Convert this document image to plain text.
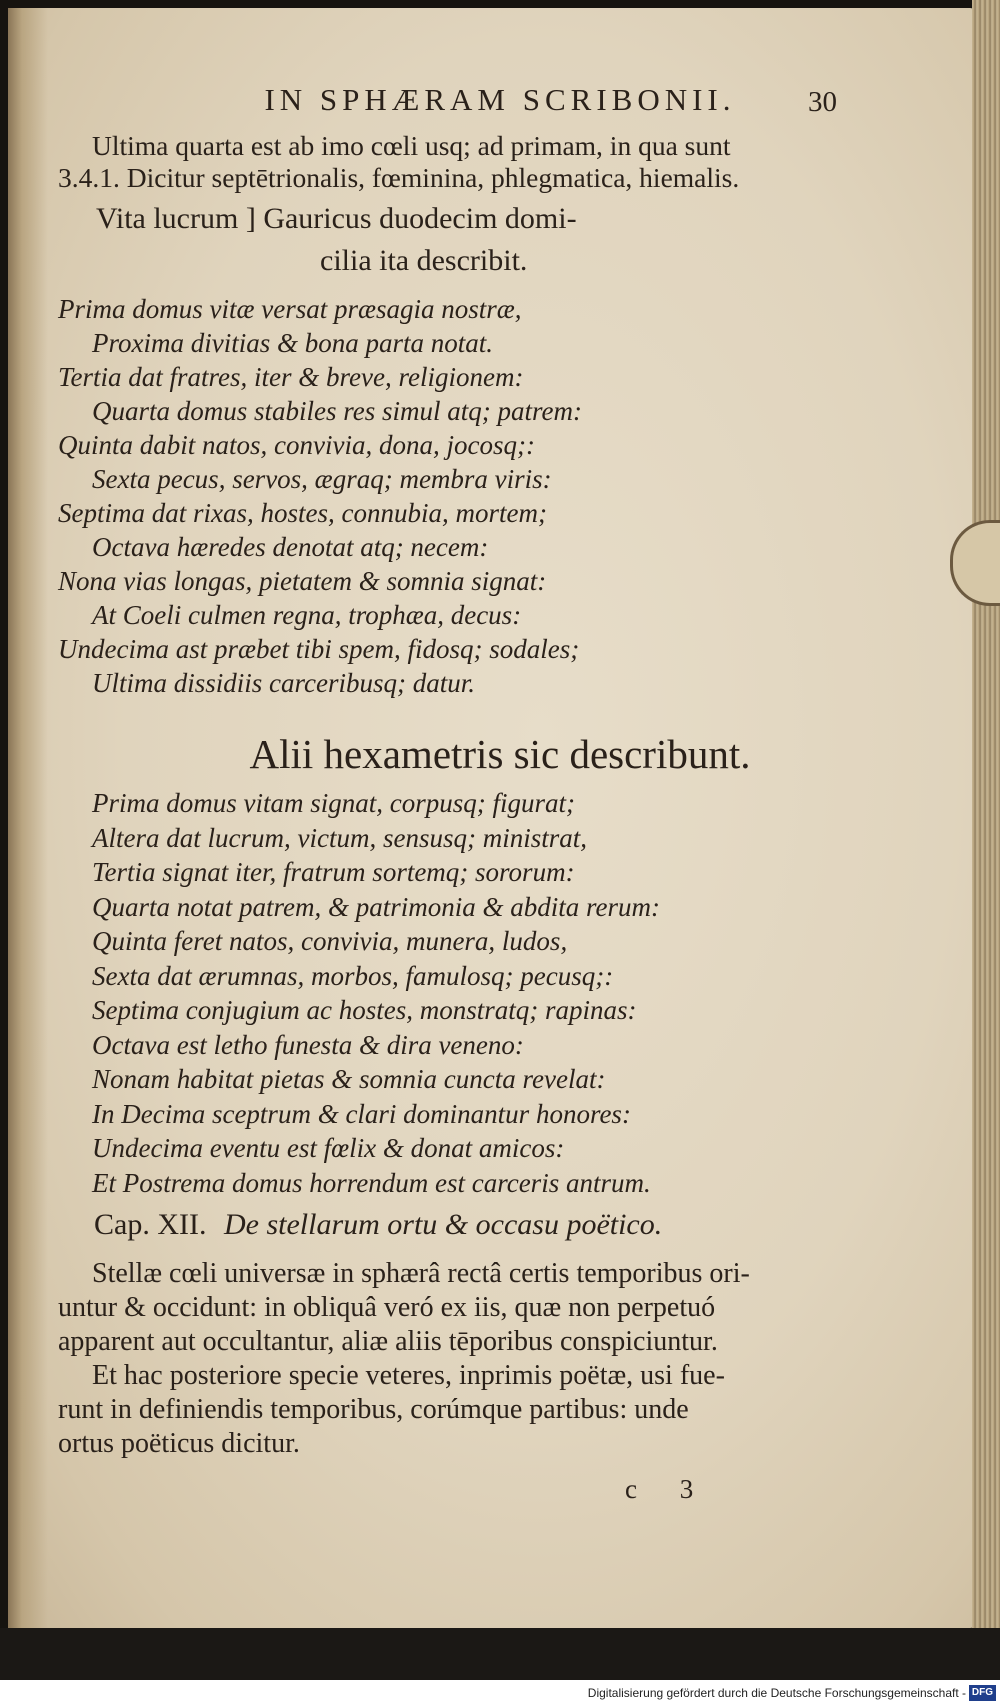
IN SPHÆRAM SCRIBONII.	30
Ultima quarta est ab imo cœli usq; ad primam, in qua sunt
3.4.1. Dicitur septētrionalis, fœminina, phlegmatica, hiemalis.
Vita lucrum ] Gauricus duodecim domi-
cilia ita describit.
Prima domus vitæ versat præsagia nostræ,
Proxima divitias & bona parta notat.
Tertia dat fratres, iter & breve, religionem:
Quarta domus stabiles res simul atq; patrem:
Quinta dabit natos, convivia, dona, jocosq;:
Sexta pecus, servos, ægraq; membra viris:
Septima dat rixas, hostes, connubia, mortem;
Octava hæredes denotat atq; necem:
Nona vias longas, pietatem & somnia signat:
At Coeli culmen regna, trophæa, decus:
Undecima ast præbet tibi spem, fidosq; sodales;
Ultima dissidiis carceribusq; datur.
Alii hexametris sic describunt.
Prima domus vitam signat, corpusq; figurat;
Altera dat lucrum, victum, sensusq; ministrat,
Tertia signat iter, fratrum sortemq; sororum:
Quarta notat patrem, & patrimonia & abdita rerum:
Quinta feret natos, convivia, munera, ludos,
Sexta dat ærumnas, morbos, famulosq; pecusq;:
Septima conjugium ac hostes, monstratq; rapinas:
Octava est letho funesta & dira veneno:
Nonam habitat pietas & somnia cuncta revelat:
In Decima sceptrum & clari dominantur honores:
Undecima eventu est fœlix & donat amicos:
Et Postrema domus horrendum est carceris antrum.
Cap. XII. De stellarum ortu & occasu poëtico.
Stellæ cœli universæ in sphærâ rectâ certis temporibus ori-
untur & occidunt: in obliquâ veró ex iis, quæ non perpetuó
apparent aut occultantur, aliæ aliis tēporibus conspiciuntur.
Et hac posteriore specie veteres, inprimis poëtæ, usi fue-
runt in definiendis temporibus, corúmque partibus: unde
ortus poëticus dicitur.
c 3
Digitalisierung gefördert durch die Deutsche Forschungsgemeinschaft - DFG
